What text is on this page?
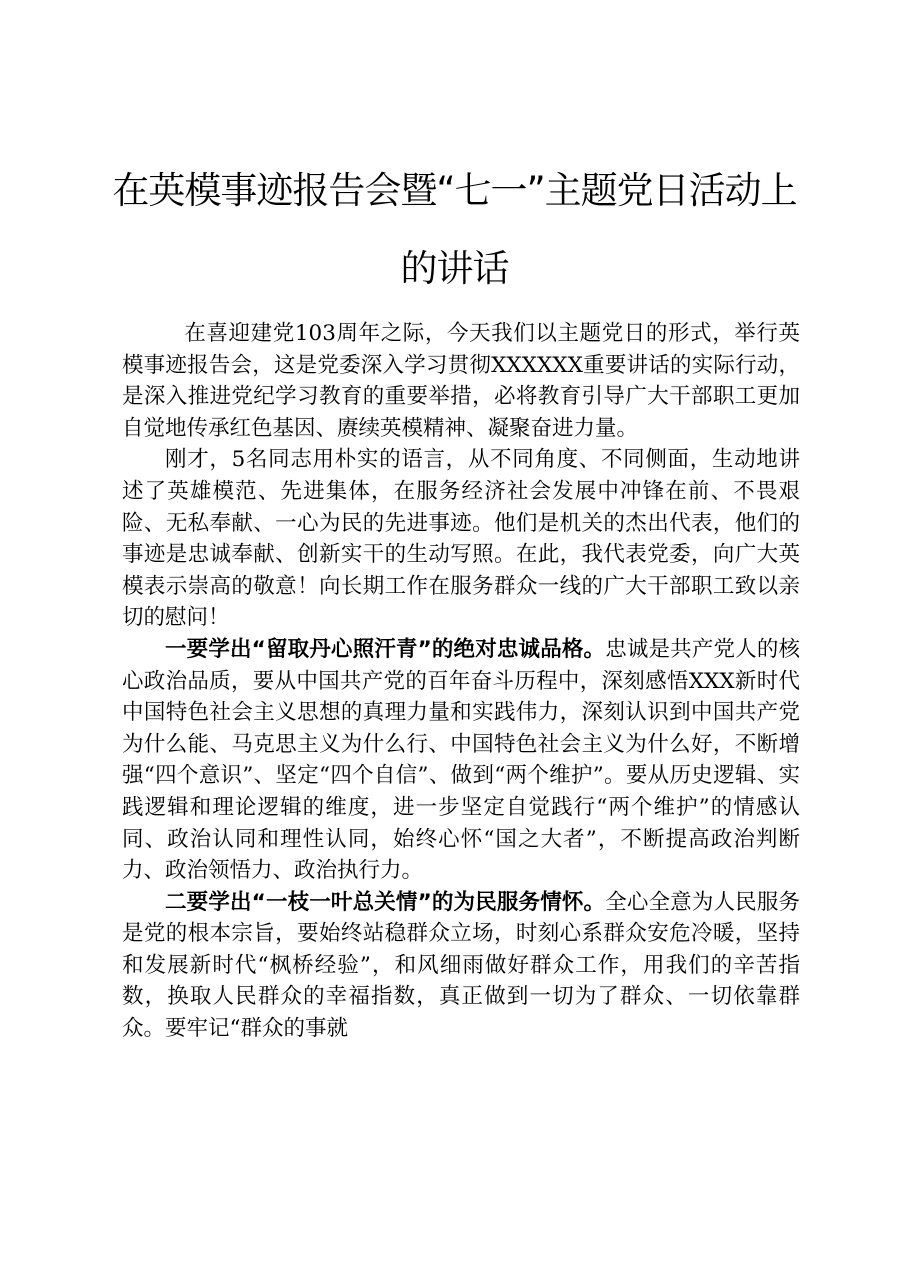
在英模事迹报告会暨“七一”主题党日活动上
的讲话

在喜迎建党103周年之际，今天我们以主题党日的形式，举行英模事迹报告会，这是党委深入学习贯彻XXXXXX重要讲话的实际行动，是深入推进党纪学习教育的重要举措，必将教育引导广大干部职工更加自觉地传承红色基因、赓续英模精神、凝聚奋进力量。

刚才，5名同志用朴实的语言，从不同角度、不同侧面，生动地讲述了英雄模范、先进集体，在服务经济社会发展中冲锋在前、不畏艰险、无私奉献、一心为民的先进事迹。他们是机关的杰出代表，他们的事迹是忠诚奉献、创新实干的生动写照。在此，我代表党委，向广大英模表示崇高的敬意！向长期工作在服务群众一线的广大干部职工致以亲切的慰问！

一要学出“留取丹心照汗青”的绝对忠诚品格。忠诚是共产党人的核心政治品质，要从中国共产党的百年奋斗历程中，深刻感悟XXX新时代中国特色社会主义思想的真理力量和实践伟力，深刻认识到中国共产党为什么能、马克思主义为什么行、中国特色社会主义为什么好，不断增强“四个意识”、坚定“四个自信”、做到“两个维护”。要从历史逻辑、实践逻辑和理论逻辑的维度，进一步坚定自觉践行“两个维护”的情感认同、政治认同和理性认同，始终心怀“国之大者”，不断提高政治判断力、政治领悟力、政治执行力。

二要学出“一枝一叶总关情”的为民服务情怀。全心全意为人民服务是党的根本宗旨，要始终站稳群众立场，时刻心系群众安危冷暖，坚持和发展新时代“枫桥经验”，和风细雨做好群众工作，用我们的辛苦指数，换取人民群众的幸福指数，真正做到一切为了群众、一切依靠群众。要牢记“群众的事就
